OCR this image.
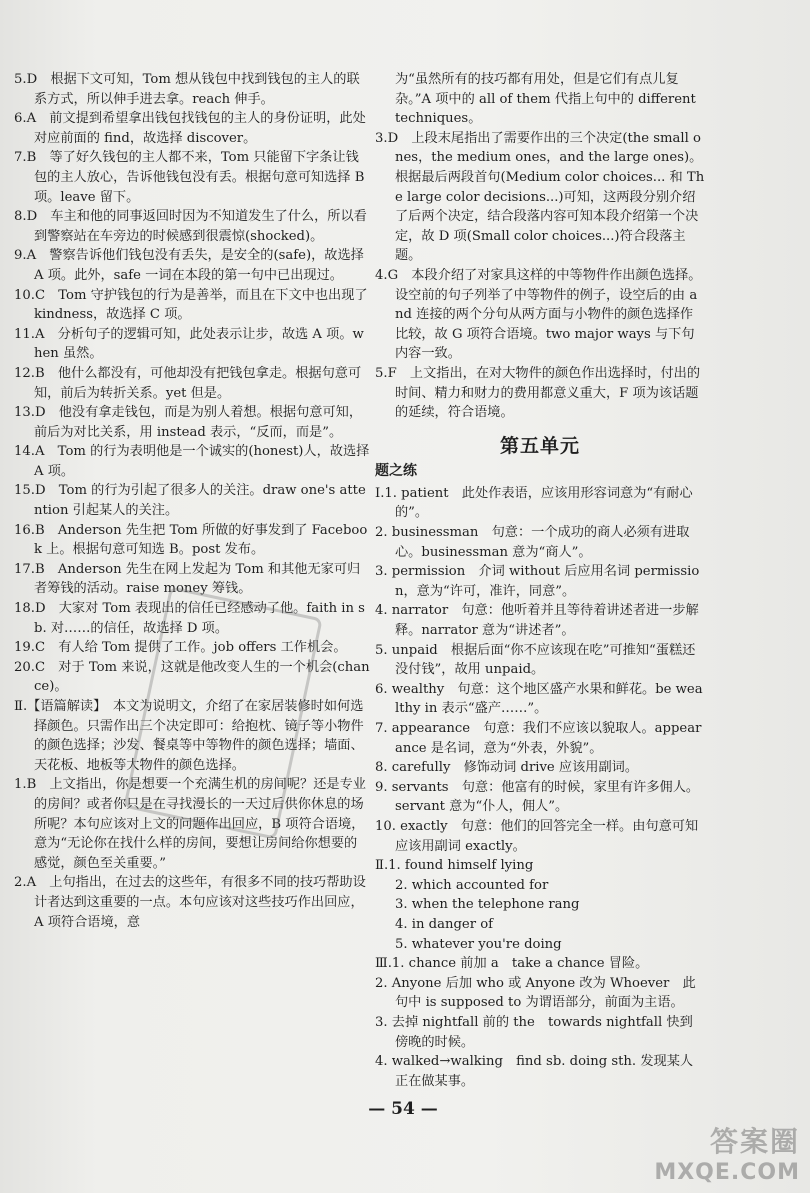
5.D　根据下文可知，Tom 想从钱包中找到钱包的主人的联系方式，所以伸手进去拿。reach 伸手。

6.A　前文提到希望拿出钱包找钱包的主人的身份证明，此处对应前面的 find，故选择 discover。

7.B　等了好久钱包的主人都不来，Tom 只能留下字条让钱包的主人放心，告诉他钱包没有丢。根据句意可知选择 B 项。leave 留下。

8.D　车主和他的同事返回时因为不知道发生了什么，所以看到警察站在车旁边的时候感到很震惊(shocked)。

9.A　警察告诉他们钱包没有丢失，是安全的(safe)，故选择 A 项。此外，safe 一词在本段的第一句中已出现过。

10.C　Tom 守护钱包的行为是善举，而且在下文中也出现了 kindness，故选择 C 项。

11.A　分析句子的逻辑可知，此处表示让步，故选 A 项。when 虽然。

12.B　他什么都没有，可他却没有把钱包拿走。根据句意可知，前后为转折关系。yet 但是。

13.D　他没有拿走钱包，而是为别人着想。根据句意可知，前后为对比关系，用 instead 表示，“反而，而是”。

14.A　Tom 的行为表明他是一个诚实的(honest)人，故选择 A 项。

15.D　Tom 的行为引起了很多人的关注。draw one's attention 引起某人的关注。

16.B　Anderson 先生把 Tom 所做的好事发到了 Facebook 上。根据句意可知选 B。post 发布。

17.B　Anderson 先生在网上发起为 Tom 和其他无家可归者筹钱的活动。raise money 筹钱。

18.D　大家对 Tom 表现出的信任已经感动了他。faith in sb. 对……的信任，故选择 D 项。

19.C　有人给 Tom 提供了工作。job offers 工作机会。

20.C　对于 Tom 来说，这就是他改变人生的一个机会(chance)。

Ⅱ.【语篇解读】　本文为说明文，介绍了在家居装修时如何选择颜色。只需作出三个决定即可：给抱枕、镜子等小物件的颜色选择；沙发、餐桌等中等物件的颜色选择；墙面、天花板、地板等大物件的颜色选择。

1.B　上文指出，你是想要一个充满生机的房间呢？还是专业的房间？或者你只是在寻找漫长的一天过后供你休息的场所呢？本句应该对上文的问题作出回应，B 项符合语境，意为“无论你在找什么样的房间，要想让房间给你想要的感觉，颜色至关重要。”

2.A　上句指出，在过去的这些年，有很多不同的技巧帮助设计者达到这重要的一点。本句应该对这些技巧作出回应，A 项符合语境，意

为“虽然所有的技巧都有用处，但是它们有点儿复杂。”A 项中的 all of them 代指上句中的 different techniques。

3.D　上段末尾指出了需要作出的三个决定(the small ones，the medium ones，and the large ones)。根据最后两段首句(Medium color choices... 和 The large color decisions...)可知，这两段分别介绍了后两个决定，结合段落内容可知本段介绍第一个决定，故 D 项(Small color choices...)符合段落主题。

4.G　本段介绍了对家具这样的中等物件作出颜色选择。设空前的句子列举了中等物件的例子，设空后的由 and 连接的两个分句从两方面与小物件的颜色选择作比较，故 G 项符合语境。two major ways 与下句内容一致。

5.F　上文指出，在对大物件的颜色作出选择时，付出的时间、精力和财力的费用都意义重大，F 项为该话题的延续，符合语境。

第五单元
题之练

Ⅰ.1. patient　此处作表语，应该用形容词意为“有耐心的”。

2. businessman　句意：一个成功的商人必须有进取心。businessman 意为“商人”。

3. permission　介词 without 后应用名词 permission，意为“许可，准许，同意”。

4. narrator　句意：他听着并且等待着讲述者进一步解释。narrator 意为“讲述者”。

5. unpaid　根据后面“你不应该现在吃”可推知“蛋糕还没付钱”，故用 unpaid。

6. wealthy　句意：这个地区盛产水果和鲜花。be wealthy in 表示“盛产……”。

7. appearance　句意：我们不应该以貌取人。appearance 是名词，意为“外表，外貌”。

8. carefully　修饰动词 drive 应该用副词。

9. servants　句意：他富有的时候，家里有许多佣人。servant 意为“仆人，佣人”。

10. exactly　句意：他们的回答完全一样。由句意可知应该用副词 exactly。

Ⅱ.1. found himself lying

2. which accounted for

3. when the telephone rang

4. in danger of

5. whatever you're doing

Ⅲ.1. chance 前加 a　take a chance 冒险。

2. Anyone 后加 who 或 Anyone 改为 Whoever　此句中 is supposed to 为谓语部分，前面为主语。

3. 去掉 nightfall 前的 the　towards nightfall 快到傍晚的时候。

4. walked→walking　find sb. doing sth. 发现某人正在做某事。

— 54 —
答案圈
MXQE.COM
